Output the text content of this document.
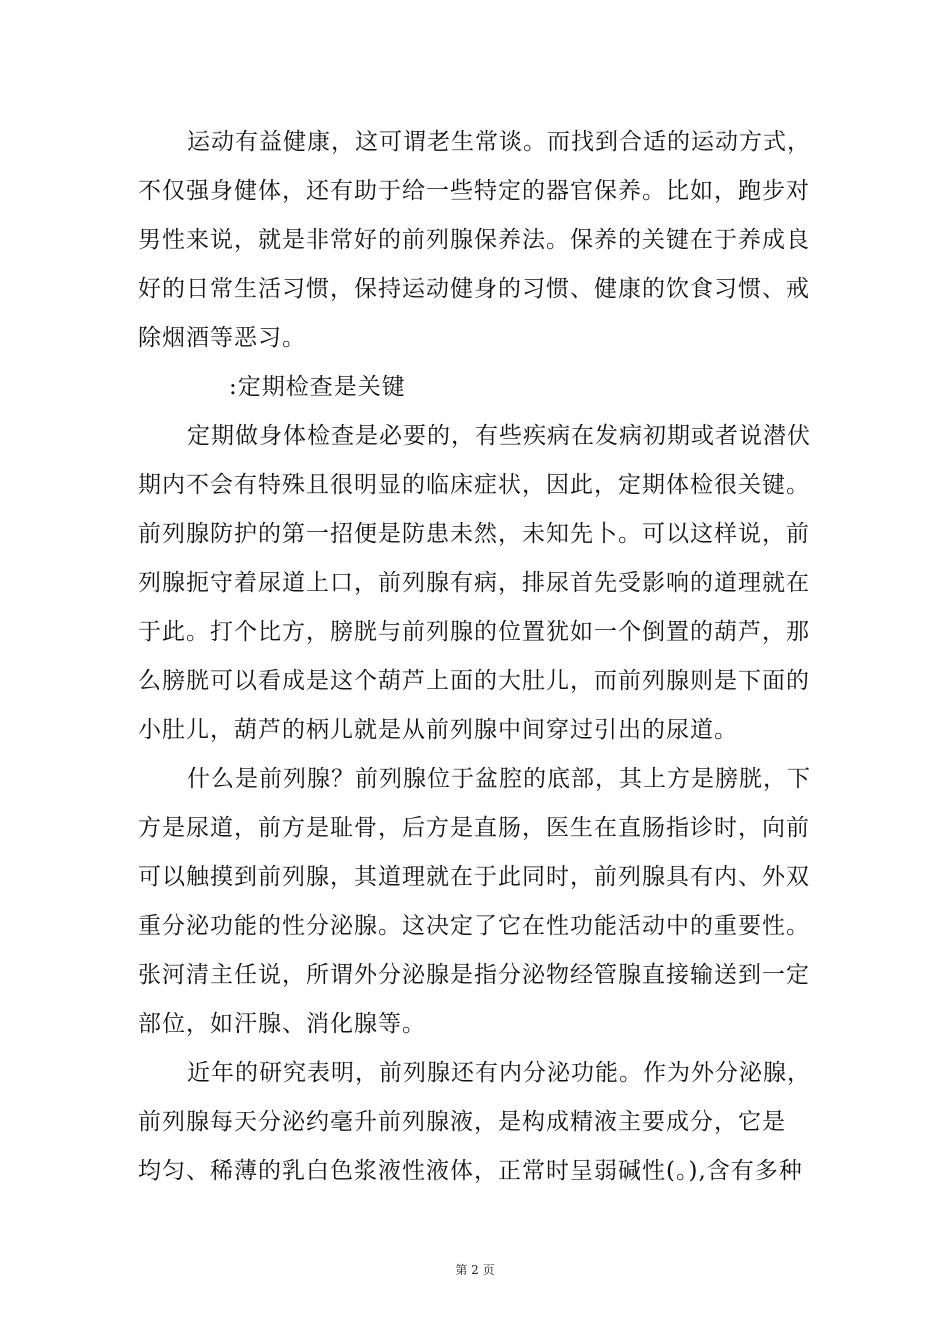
运动有益健康，这可谓老生常谈。而找到合适的运动方式，
不仅强身健体，还有助于给一些特定的器官保养。比如，跑步对
男性来说，就是非常好的前列腺保养法。保养的关键在于养成良
好的日常生活习惯，保持运动健身的习惯、健康的饮食习惯、戒
除烟酒等恶习。
:定期检查是关键
定期做身体检查是必要的，有些疾病在发病初期或者说潜伏
期内不会有特殊且很明显的临床症状，因此，定期体检很关键。
前列腺防护的第一招便是防患未然，未知先卜。可以这样说，前
列腺扼守着尿道上口，前列腺有病，排尿首先受影响的道理就在
于此。打个比方，膀胱与前列腺的位置犹如一个倒置的葫芦，那
么膀胱可以看成是这个葫芦上面的大肚儿，而前列腺则是下面的
小肚儿，葫芦的柄儿就是从前列腺中间穿过引出的尿道。
什么是前列腺？前列腺位于盆腔的底部，其上方是膀胱，下
方是尿道，前方是耻骨，后方是直肠，医生在直肠指诊时，向前
可以触摸到前列腺，其道理就在于此同时，前列腺具有内、外双
重分泌功能的性分泌腺。这决定了它在性功能活动中的重要性。
张河清主任说，所谓外分泌腺是指分泌物经管腺直接输送到一定
部位，如汗腺、消化腺等。
近年的研究表明，前列腺还有内分泌功能。作为外分泌腺，
前列腺每天分泌约毫升前列腺液，是构成精液主要成分，它是
均匀、稀薄的乳白色浆液性液体，正常时呈弱碱性(。),含有多种
第 2 页
